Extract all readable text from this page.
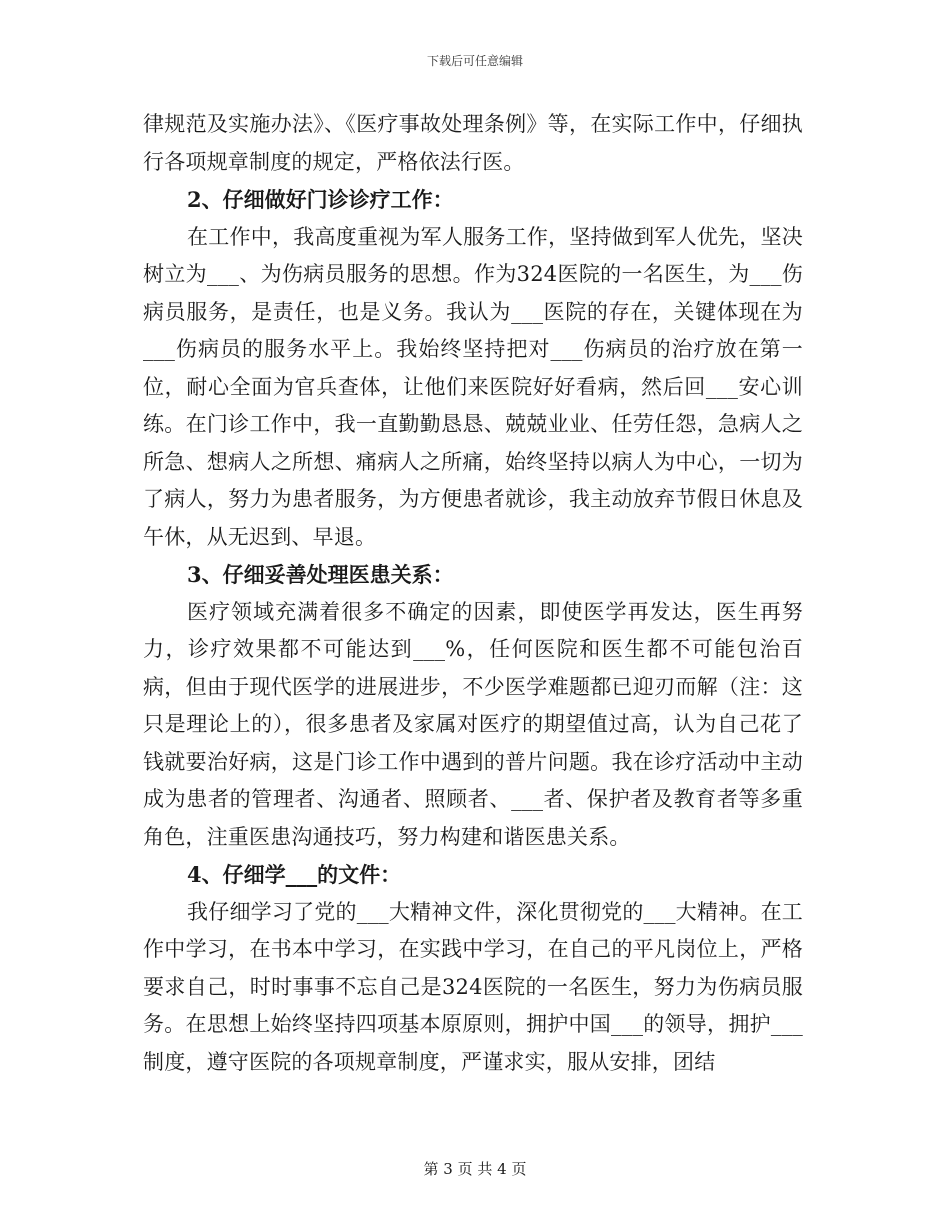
下载后可任意编辑

律规范及实施办法》、《医疗事故处理条例》等，在实际工作中，仔细执行各项规章制度的规定，严格依法行医。

2、仔细做好门诊诊疗工作：

在工作中，我高度重视为军人服务工作，坚持做到军人优先，坚决树立为___、为伤病员服务的思想。作为324医院的一名医生，为___伤病员服务，是责任，也是义务。我认为___医院的存在，关键体现在为___伤病员的服务水平上。我始终坚持把对___伤病员的治疗放在第一位，耐心全面为官兵查体，让他们来医院好好看病，然后回___安心训练。在门诊工作中，我一直勤勤恳恳、兢兢业业、任劳任怨，急病人之所急、想病人之所想、痛病人之所痛，始终坚持以病人为中心，一切为了病人，努力为患者服务，为方便患者就诊，我主动放弃节假日休息及午休，从无迟到、早退。

3、仔细妥善处理医患关系：

医疗领域充满着很多不确定的因素，即使医学再发达，医生再努力，诊疗效果都不可能达到___%，任何医院和医生都不可能包治百病，但由于现代医学的进展进步，不少医学难题都已迎刃而解（注：这只是理论上的），很多患者及家属对医疗的期望值过高，认为自己花了钱就要治好病，这是门诊工作中遇到的普片问题。我在诊疗活动中主动成为患者的管理者、沟通者、照顾者、___者、保护者及教育者等多重角色，注重医患沟通技巧，努力构建和谐医患关系。

4、仔细学___的文件：

我仔细学习了党的___大精神文件，深化贯彻党的___大精神。在工作中学习，在书本中学习，在实践中学习，在自己的平凡岗位上，严格要求自己，时时事事不忘自己是324医院的一名医生，努力为伤病员服务。在思想上始终坚持四项基本原原则，拥护中国___的领导，拥护___制度，遵守医院的各项规章制度，严谨求实，服从安排，团结

第 3 页 共 4 页
